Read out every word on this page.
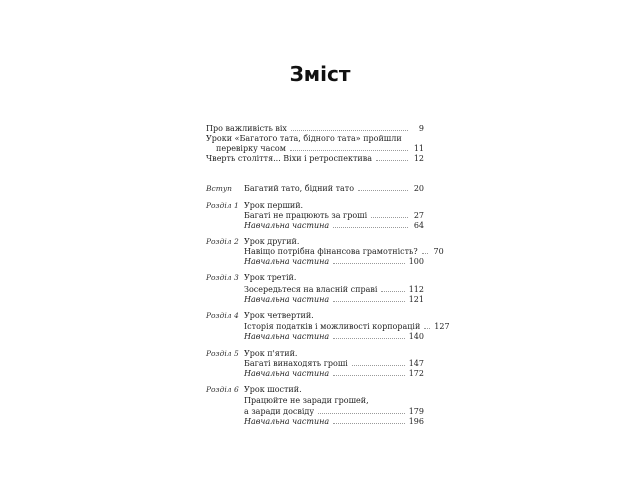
Зміст
Про важливість віх	9
Уроки «Багатого тата, бідного тата» пройшли
перевірку часом	11
Чверть століття... Віхи і ретроспектива	12
Вступ Багатий тато, бідний тато	20
Розділ 1 Урок перший.
Багаті не працюють за гроші	27
Навчальна частина	64
Розділ 2 Урок другий.
Навіщо потрібна фінансова грамотність? 70
Навчальна частина	100
Розділ 3 Урок третій.
Зосередьтеся на власній справі	112
Навчальна частина	121
Розділ 4 Урок четвертий.
Історія податків і можливості корпорацій 127
Навчальна частина	140
Розділ 5 Урок п'ятий.
Багаті винаходять гроші	147
Навчальна частина	172
Розділ 6 Урок шостий.
Працюйте не заради грошей,
а заради досвіду	179
Навчальна частина	196
